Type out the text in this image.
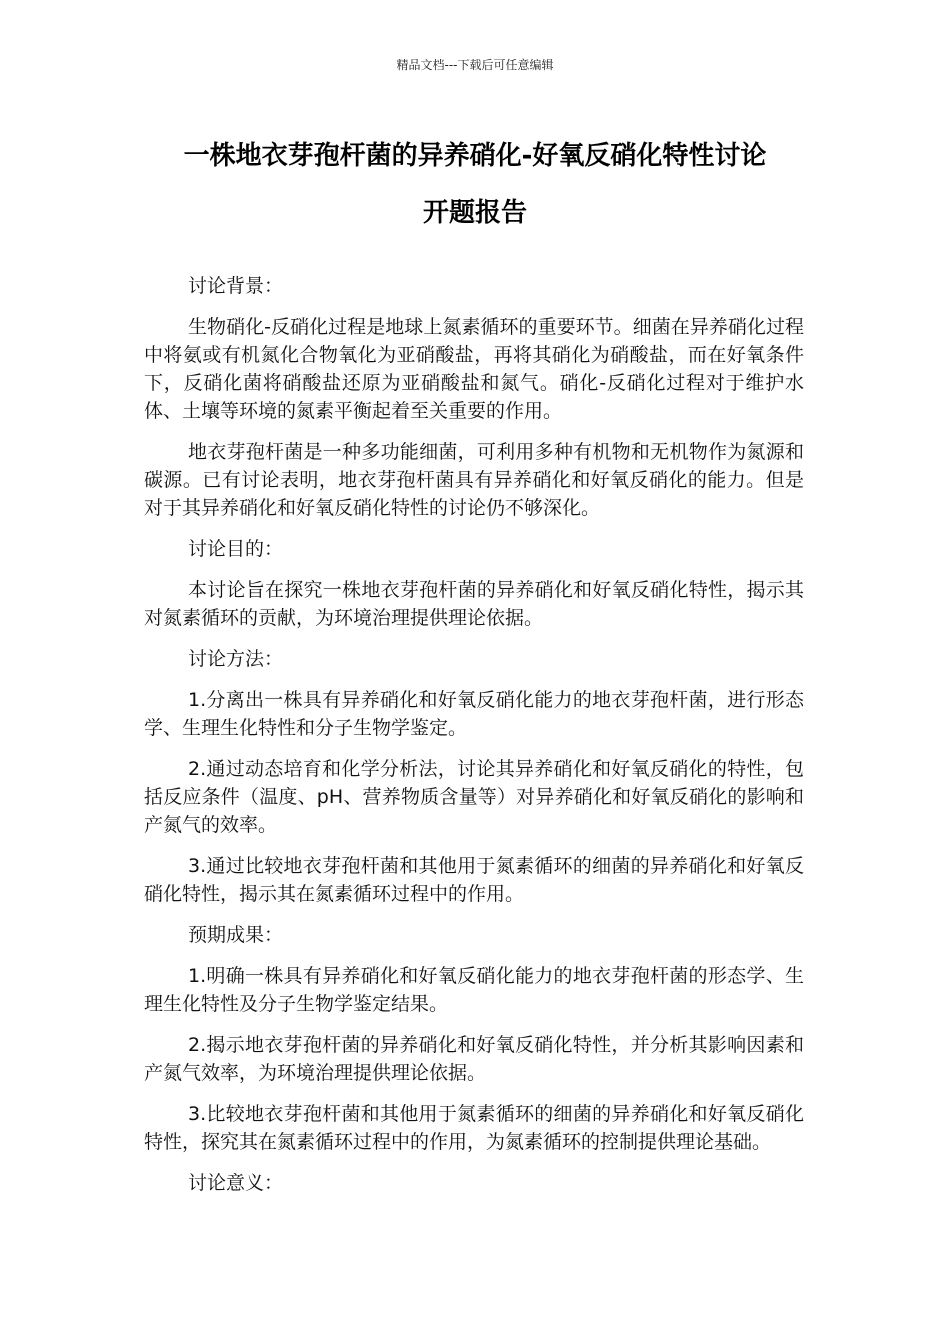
精品文档---下载后可任意编辑
一株地衣芽孢杆菌的异养硝化-好氧反硝化特性讨论
开题报告

讨论背景：

生物硝化-反硝化过程是地球上氮素循环的重要环节。细菌在异养硝化过程中将氨或有机氮化合物氧化为亚硝酸盐，再将其硝化为硝酸盐，而在好氧条件下，反硝化菌将硝酸盐还原为亚硝酸盐和氮气。硝化-反硝化过程对于维护水体、土壤等环境的氮素平衡起着至关重要的作用。

地衣芽孢杆菌是一种多功能细菌，可利用多种有机物和无机物作为氮源和碳源。已有讨论表明，地衣芽孢杆菌具有异养硝化和好氧反硝化的能力。但是对于其异养硝化和好氧反硝化特性的讨论仍不够深化。

讨论目的：

本讨论旨在探究一株地衣芽孢杆菌的异养硝化和好氧反硝化特性，揭示其对氮素循环的贡献，为环境治理提供理论依据。

讨论方法：

1.分离出一株具有异养硝化和好氧反硝化能力的地衣芽孢杆菌，进行形态学、生理生化特性和分子生物学鉴定。

2.通过动态培育和化学分析法，讨论其异养硝化和好氧反硝化的特性，包括反应条件（温度、pH、营养物质含量等）对异养硝化和好氧反硝化的影响和产氮气的效率。

3.通过比较地衣芽孢杆菌和其他用于氮素循环的细菌的异养硝化和好氧反硝化特性，揭示其在氮素循环过程中的作用。

预期成果：

1.明确一株具有异养硝化和好氧反硝化能力的地衣芽孢杆菌的形态学、生理生化特性及分子生物学鉴定结果。

2.揭示地衣芽孢杆菌的异养硝化和好氧反硝化特性，并分析其影响因素和产氮气效率，为环境治理提供理论依据。

3.比较地衣芽孢杆菌和其他用于氮素循环的细菌的异养硝化和好氧反硝化特性，探究其在氮素循环过程中的作用，为氮素循环的控制提供理论基础。

讨论意义：
